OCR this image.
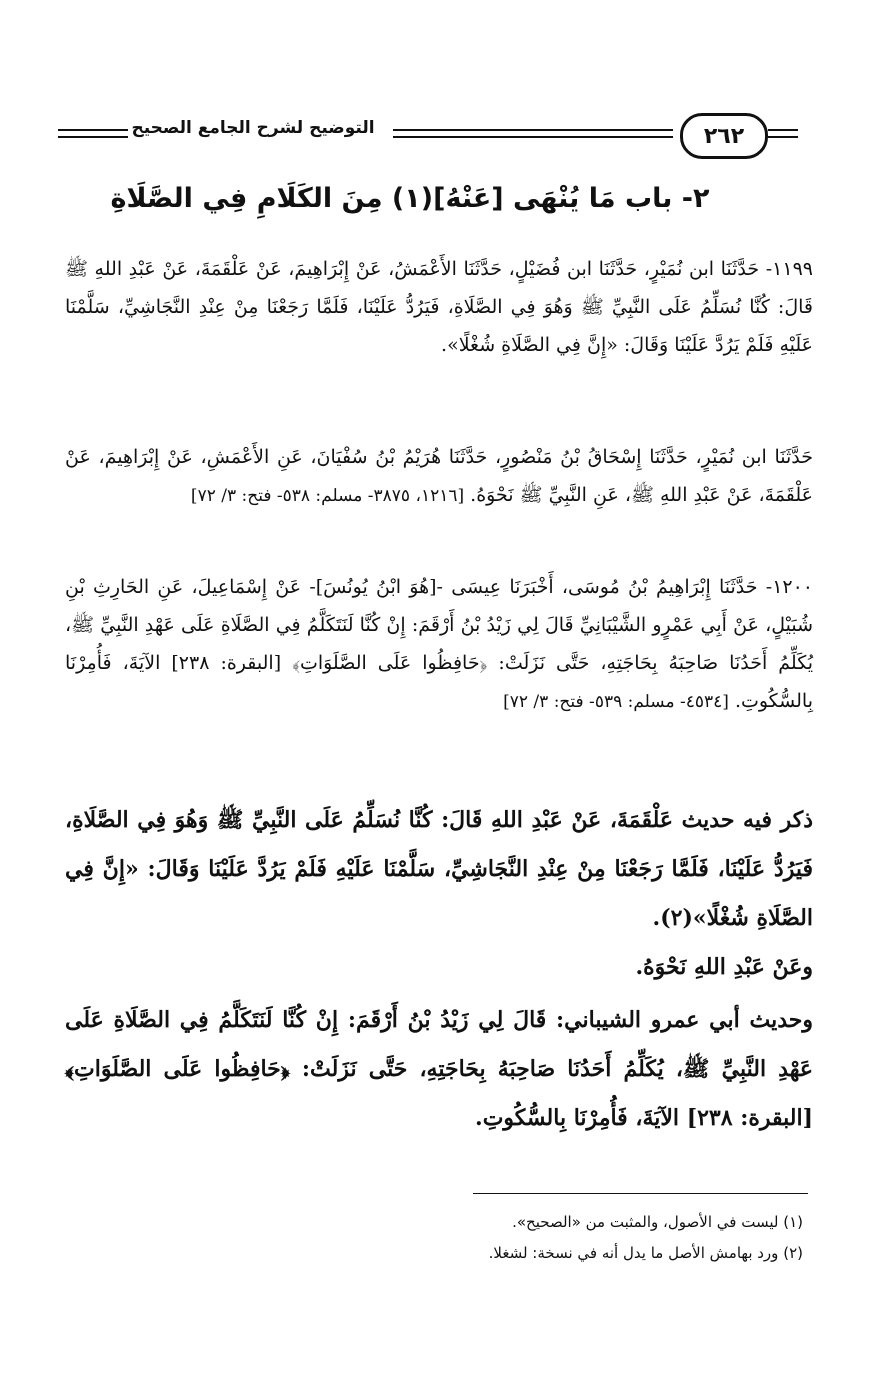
التوضيح لشرح الجامع الصحيح	٢٦٢
٢- باب مَا يُنْهَى [عَنْهُ](١) مِنَ الكَلَامِ فِي الصَّلَاةِ

١١٩٩- حَدَّثَنَا ابن نُمَيْرٍ، حَدَّثَنَا ابن فُضَيْلٍ، حَدَّثَنَا الأَعْمَشُ، عَنْ إِبْرَاهِيمَ، عَنْ عَلْقَمَةَ، عَنْ عَبْدِ اللهِ ﷺ قَالَ: كُنَّا نُسَلِّمُ عَلَى النَّبِيِّ ﷺ وَهُوَ فِي الصَّلَاةِ، فَيَرُدُّ عَلَيْنَا، فَلَمَّا رَجَعْنَا مِنْ عِنْدِ النَّجَاشِيِّ، سَلَّمْنَا عَلَيْهِ فَلَمْ يَرُدَّ عَلَيْنَا وَقَالَ: «إِنَّ فِي الصَّلَاةِ شُغْلًا».

حَدَّثَنَا ابن نُمَيْرٍ، حَدَّثَنَا إِسْحَاقُ بْنُ مَنْصُورٍ، حَدَّثَنَا هُرَيْمُ بْنُ سُفْيَانَ، عَنِ الأَعْمَشِ، عَنْ إِبْرَاهِيمَ، عَنْ عَلْقَمَةَ، عَنْ عَبْدِ اللهِ ﷺ، عَنِ النَّبِيِّ ﷺ نَحْوَهُ. [١٢١٦، ٣٨٧٥- مسلم: ٥٣٨- فتح: ٣/ ٧٢]

١٢٠٠- حَدَّثَنَا إِبْرَاهِيمُ بْنُ مُوسَى، أَخْبَرَنَا عِيسَى -[هُوَ ابْنُ يُونُسَ]- عَنْ إِسْمَاعِيلَ، عَنِ الحَارِثِ بْنِ شُبَيْلٍ، عَنْ أَبِي عَمْرٍو الشَّيْبَانِيِّ قَالَ لِي زَيْدُ بْنُ أَرْقَمَ: إِنْ كُنَّا لَنَتَكَلَّمُ فِي الصَّلَاةِ عَلَى عَهْدِ النَّبِيِّ ﷺ، يُكَلِّمُ أَحَدُنَا صَاحِبَهُ بِحَاجَتِهِ، حَتَّى نَزَلَتْ: ﴿حَافِظُوا عَلَى الصَّلَوَاتِ﴾ [البقرة: ٢٣٨] الآيَةَ، فَأُمِرْنَا بِالسُّكُوتِ. [٤٥٣٤- مسلم: ٥٣٩- فتح: ٣/ ٧٢]

ذكر فيه حديث عَلْقَمَةَ، عَنْ عَبْدِ اللهِ قَالَ: كُنَّا نُسَلِّمُ عَلَى النَّبِيِّ ﷺ وَهُوَ فِي الصَّلَاةِ، فَيَرُدُّ عَلَيْنَا، فَلَمَّا رَجَعْنَا مِنْ عِنْدِ النَّجَاشِيِّ، سَلَّمْنَا عَلَيْهِ فَلَمْ يَرُدَّ عَلَيْنَا وَقَالَ: «إِنَّ فِي الصَّلَاةِ شُغْلًا»(٢).

وعَنْ عَبْدِ اللهِ نَحْوَهُ.

وحديث أبي عمرو الشيباني: قَالَ لِي زَيْدُ بْنُ أَرْقَمَ: إِنْ كُنَّا لَنَتَكَلَّمُ فِي الصَّلَاةِ عَلَى عَهْدِ النَّبِيِّ ﷺ، يُكَلِّمُ أَحَدُنَا صَاحِبَهُ بِحَاجَتِهِ، حَتَّى نَزَلَتْ: ﴿حَافِظُوا عَلَى الصَّلَوَاتِ﴾ [البقرة: ٢٣٨] الآيَةَ، فَأُمِرْنَا بِالسُّكُوتِ.

(١) ليست في الأصول، والمثبت من «الصحيح».

(٢) ورد بهامش الأصل ما يدل أنه في نسخة: لشغلا.
